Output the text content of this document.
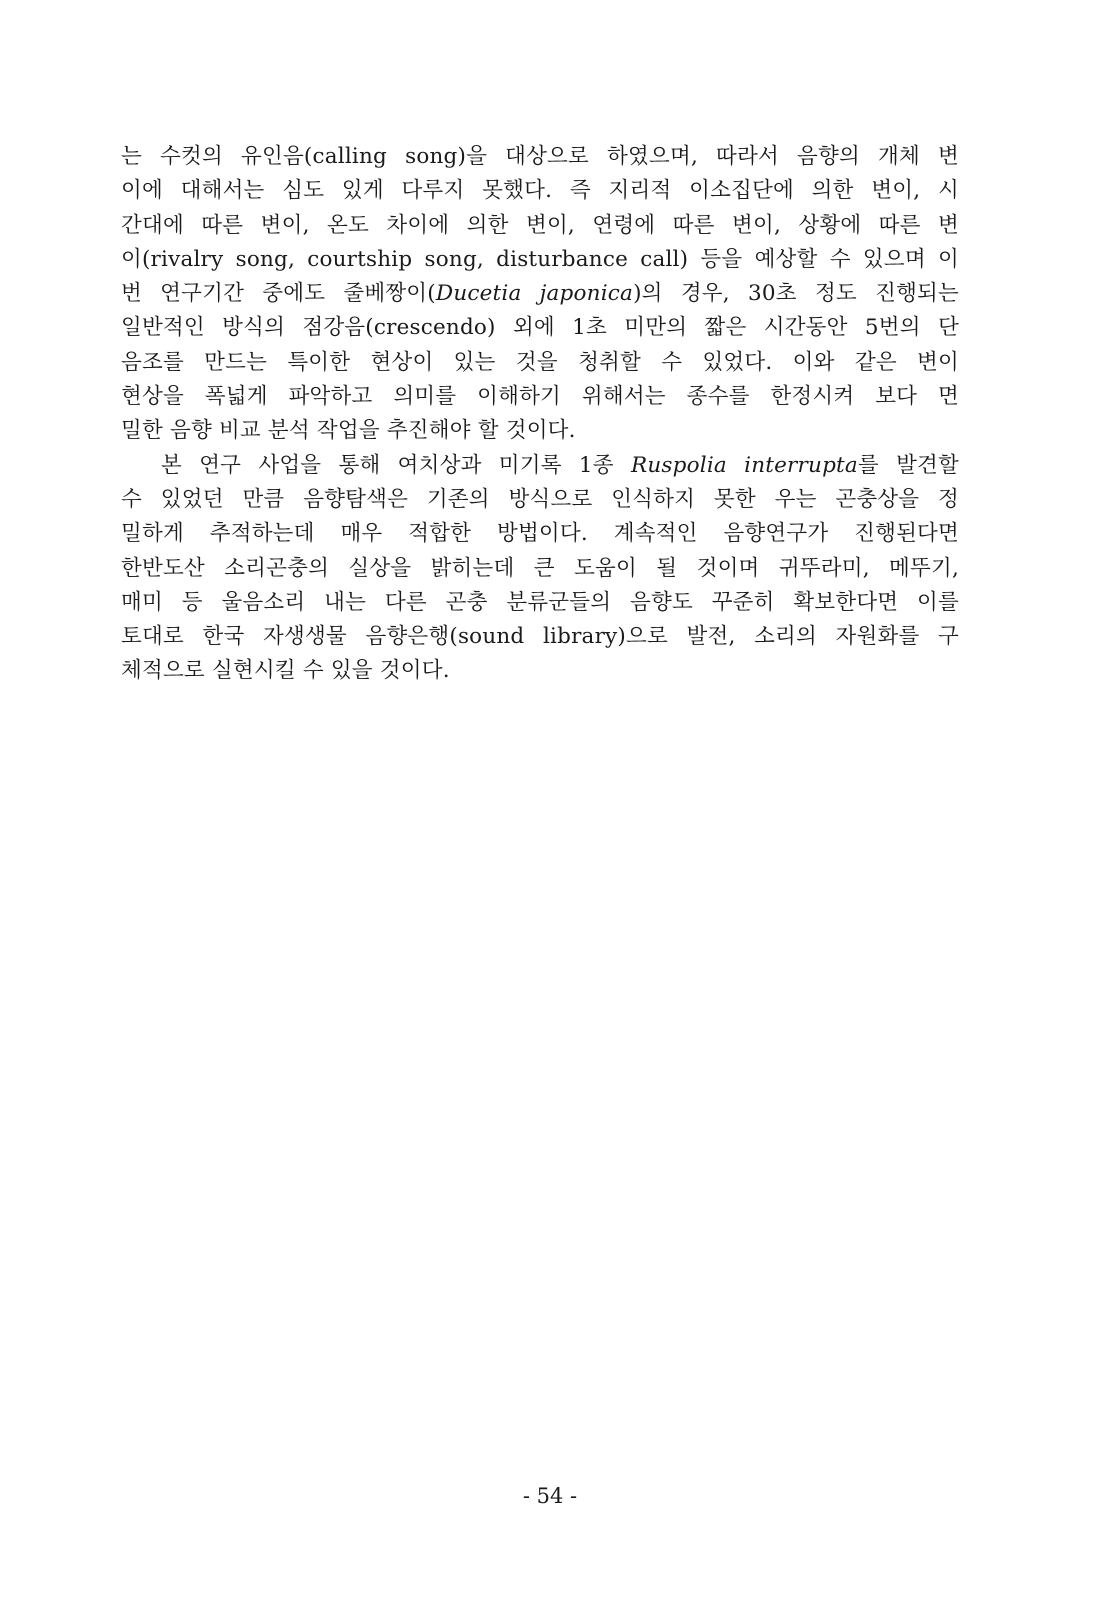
는 수컷의 유인음(calling song)을 대상으로 하였으며, 따라서 음향의 개체 변
이에 대해서는 심도 있게 다루지 못했다. 즉 지리적 이소집단에 의한 변이, 시
간대에 따른 변이, 온도 차이에 의한 변이, 연령에 따른 변이, 상황에 따른 변
이(rivalry song, courtship song, disturbance call) 등을 예상할 수 있으며 이
번 연구기간 중에도 줄베짱이(Ducetia japonica)의 경우, 30초 정도 진행되는
일반적인 방식의 점강음(crescendo) 외에 1초 미만의 짧은 시간동안 5번의 단
음조를 만드는 특이한 현상이 있는 것을 청취할 수 있었다. 이와 같은 변이
현상을 폭넓게 파악하고 의미를 이해하기 위해서는 종수를 한정시켜 보다 면
밀한 음향 비교 분석 작업을 추진해야 할 것이다.
본 연구 사업을 통해 여치상과 미기록 1종 Ruspolia interrupta를 발견할
수 있었던 만큼 음향탐색은 기존의 방식으로 인식하지 못한 우는 곤충상을 정
밀하게 추적하는데 매우 적합한 방법이다. 계속적인 음향연구가 진행된다면
한반도산 소리곤충의 실상을 밝히는데 큰 도움이 될 것이며 귀뚜라미, 메뚜기,
매미 등 울음소리 내는 다른 곤충 분류군들의 음향도 꾸준히 확보한다면 이를
토대로 한국 자생생물 음향은행(sound library)으로 발전, 소리의 자원화를 구
체적으로 실현시킬 수 있을 것이다.
- 54 -
